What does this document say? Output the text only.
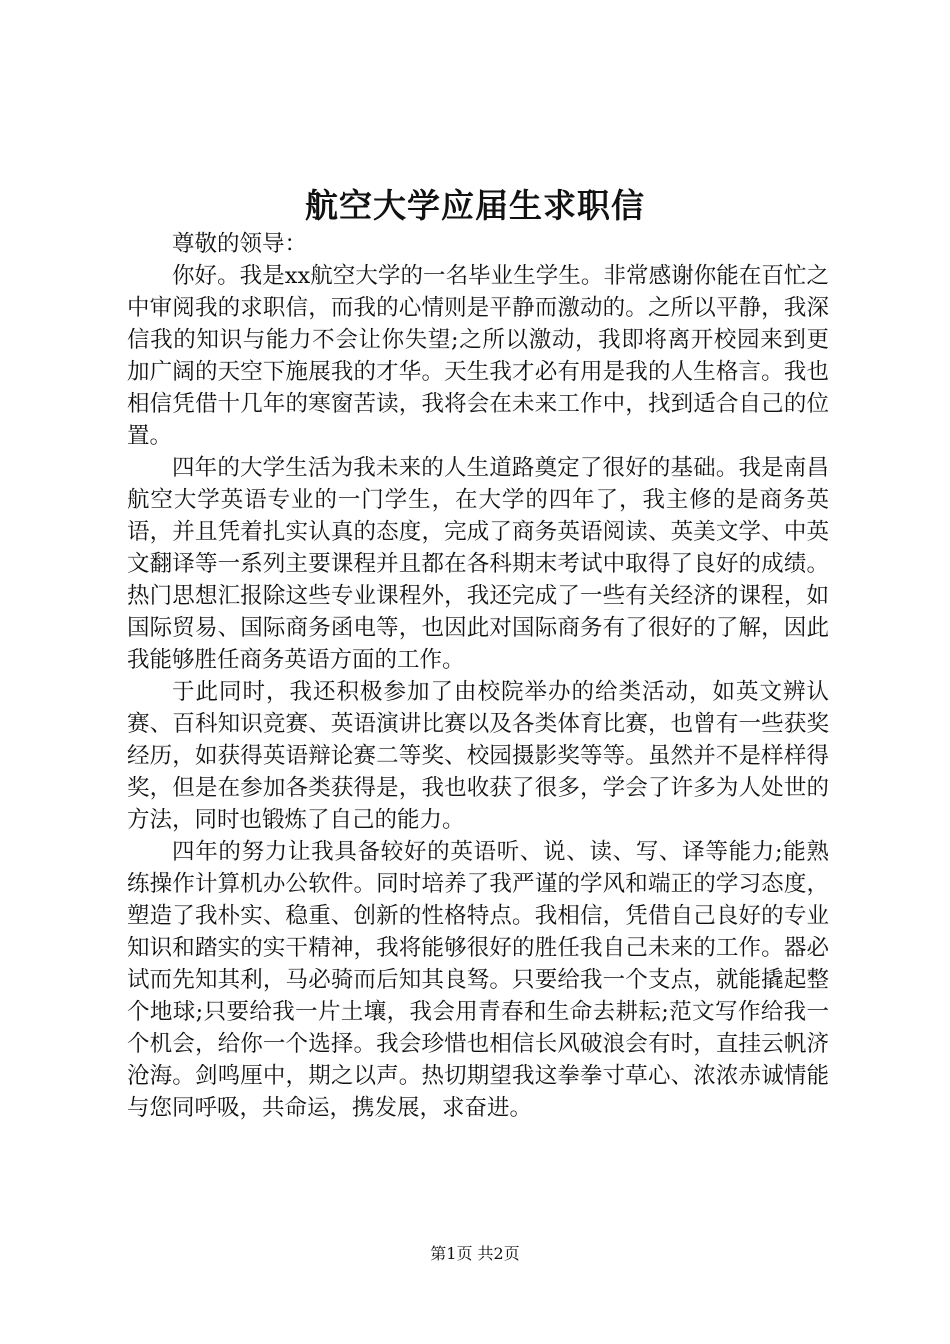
航空大学应届生求职信

尊敬的领导：

你好。我是xx航空大学的一名毕业生学生。非常感谢你能在百忙之中审阅我的求职信，而我的心情则是平静而激动的。之所以平静，我深信我的知识与能力不会让你失望;之所以激动，我即将离开校园来到更加广阔的天空下施展我的才华。天生我才必有用是我的人生格言。我也相信凭借十几年的寒窗苦读，我将会在未来工作中，找到适合自己的位置。

四年的大学生活为我未来的人生道路奠定了很好的基础。我是南昌航空大学英语专业的一门学生，在大学的四年了，我主修的是商务英语，并且凭着扎实认真的态度，完成了商务英语阅读、英美文学、中英文翻译等一系列主要课程并且都在各科期末考试中取得了良好的成绩。热门思想汇报除这些专业课程外，我还完成了一些有关经济的课程，如国际贸易、国际商务函电等，也因此对国际商务有了很好的了解，因此我能够胜任商务英语方面的工作。

于此同时，我还积极参加了由校院举办的给类活动，如英文辨认赛、百科知识竞赛、英语演讲比赛以及各类体育比赛，也曾有一些获奖经历，如获得英语辩论赛二等奖、校园摄影奖等等。虽然并不是样样得奖，但是在参加各类获得是，我也收获了很多，学会了许多为人处世的方法，同时也锻炼了自己的能力。

四年的努力让我具备较好的英语听、说、读、写、译等能力;能熟练操作计算机办公软件。同时培养了我严谨的学风和端正的学习态度，塑造了我朴实、稳重、创新的性格特点。我相信，凭借自己良好的专业知识和踏实的实干精神，我将能够很好的胜任我自己未来的工作。器必试而先知其利，马必骑而后知其良驽。只要给我一个支点，就能撬起整个地球;只要给我一片土壤，我会用青春和生命去耕耘;范文写作给我一个机会，给你一个选择。我会珍惜也相信长风破浪会有时，直挂云帆济沧海。剑鸣厘中，期之以声。热切期望我这拳拳寸草心、浓浓赤诚情能与您同呼吸，共命运，携发展，求奋进。

第1页 共2页
